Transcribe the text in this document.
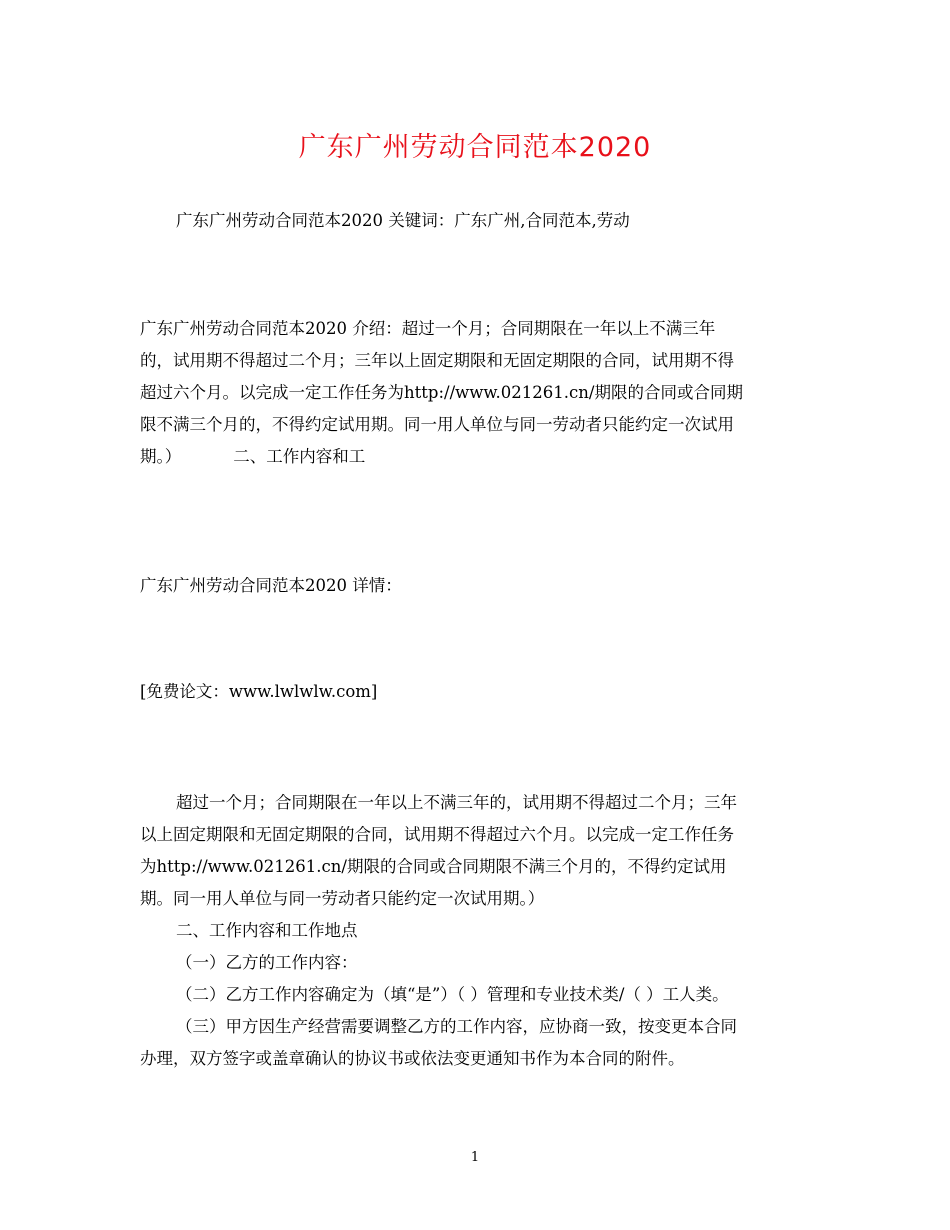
广东广州劳动合同范本2020
广东广州劳动合同范本2020 关键词：广东广州,合同范本,劳动
广东广州劳动合同范本2020 介绍：超过一个月；合同期限在一年以上不满三年
的，试用期不得超过二个月；三年以上固定期限和无固定期限的合同，试用期不得
超过六个月。以完成一定工作任务为http://www.021261.cn/期限的合同或合同期
限不满三个月的，不得约定试用期。同一用人单位与同一劳动者只能约定一次试用
期。）	二、工作内容和工
广东广州劳动合同范本2020 详情：
[免费论文：www.lwlwlw.com]
超过一个月；合同期限在一年以上不满三年的，试用期不得超过二个月；三年
以上固定期限和无固定期限的合同，试用期不得超过六个月。以完成一定工作任务
为http://www.021261.cn/期限的合同或合同期限不满三个月的，不得约定试用
期。同一用人单位与同一劳动者只能约定一次试用期。）
二、工作内容和工作地点
（一）乙方的工作内容：
（二）乙方工作内容确定为（填“是”）（ ）管理和专业技术类/（ ）工人类。
（三）甲方因生产经营需要调整乙方的工作内容，应协商一致，按变更本合同
办理，双方签字或盖章确认的协议书或依法变更通知书作为本合同的附件。
1
